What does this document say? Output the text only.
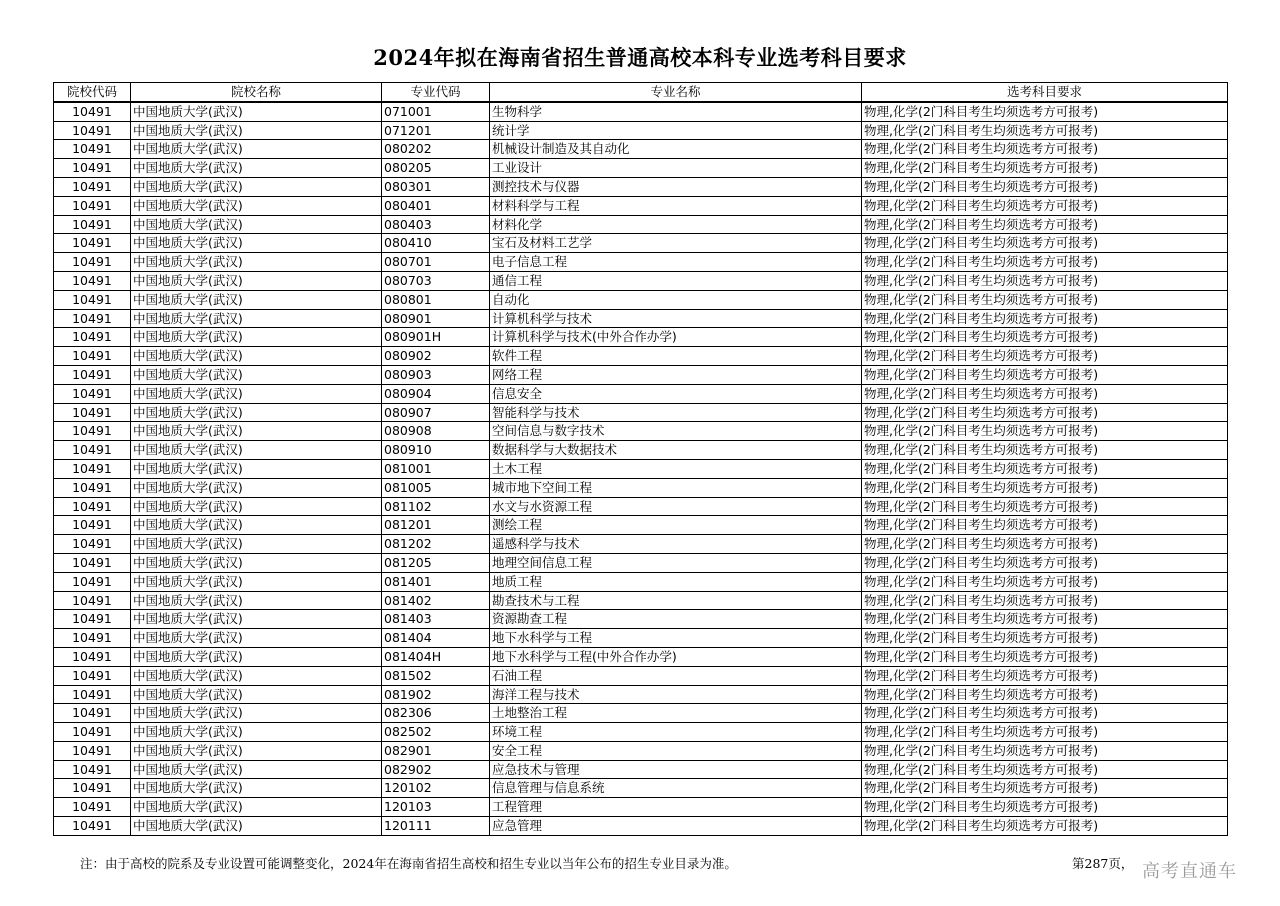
2024年拟在海南省招生普通高校本科专业选考科目要求
院校代码	院校名称	专业代码	专业名称	选考科目要求
10491	中国地质大学(武汉)	071001	生物科学	物理,化学(2门科目考生均须选考方可报考)
10491	中国地质大学(武汉)	071201	统计学	物理,化学(2门科目考生均须选考方可报考)
10491	中国地质大学(武汉)	080202	机械设计制造及其自动化	物理,化学(2门科目考生均须选考方可报考)
10491	中国地质大学(武汉)	080205	工业设计	物理,化学(2门科目考生均须选考方可报考)
10491	中国地质大学(武汉)	080301	测控技术与仪器	物理,化学(2门科目考生均须选考方可报考)
10491	中国地质大学(武汉)	080401	材料科学与工程	物理,化学(2门科目考生均须选考方可报考)
10491	中国地质大学(武汉)	080403	材料化学	物理,化学(2门科目考生均须选考方可报考)
10491	中国地质大学(武汉)	080410	宝石及材料工艺学	物理,化学(2门科目考生均须选考方可报考)
10491	中国地质大学(武汉)	080701	电子信息工程	物理,化学(2门科目考生均须选考方可报考)
10491	中国地质大学(武汉)	080703	通信工程	物理,化学(2门科目考生均须选考方可报考)
10491	中国地质大学(武汉)	080801	自动化	物理,化学(2门科目考生均须选考方可报考)
10491	中国地质大学(武汉)	080901	计算机科学与技术	物理,化学(2门科目考生均须选考方可报考)
10491	中国地质大学(武汉)	080901H	计算机科学与技术(中外合作办学)	物理,化学(2门科目考生均须选考方可报考)
10491	中国地质大学(武汉)	080902	软件工程	物理,化学(2门科目考生均须选考方可报考)
10491	中国地质大学(武汉)	080903	网络工程	物理,化学(2门科目考生均须选考方可报考)
10491	中国地质大学(武汉)	080904	信息安全	物理,化学(2门科目考生均须选考方可报考)
10491	中国地质大学(武汉)	080907	智能科学与技术	物理,化学(2门科目考生均须选考方可报考)
10491	中国地质大学(武汉)	080908	空间信息与数字技术	物理,化学(2门科目考生均须选考方可报考)
10491	中国地质大学(武汉)	080910	数据科学与大数据技术	物理,化学(2门科目考生均须选考方可报考)
10491	中国地质大学(武汉)	081001	土木工程	物理,化学(2门科目考生均须选考方可报考)
10491	中国地质大学(武汉)	081005	城市地下空间工程	物理,化学(2门科目考生均须选考方可报考)
10491	中国地质大学(武汉)	081102	水文与水资源工程	物理,化学(2门科目考生均须选考方可报考)
10491	中国地质大学(武汉)	081201	测绘工程	物理,化学(2门科目考生均须选考方可报考)
10491	中国地质大学(武汉)	081202	遥感科学与技术	物理,化学(2门科目考生均须选考方可报考)
10491	中国地质大学(武汉)	081205	地理空间信息工程	物理,化学(2门科目考生均须选考方可报考)
10491	中国地质大学(武汉)	081401	地质工程	物理,化学(2门科目考生均须选考方可报考)
10491	中国地质大学(武汉)	081402	勘查技术与工程	物理,化学(2门科目考生均须选考方可报考)
10491	中国地质大学(武汉)	081403	资源勘查工程	物理,化学(2门科目考生均须选考方可报考)
10491	中国地质大学(武汉)	081404	地下水科学与工程	物理,化学(2门科目考生均须选考方可报考)
10491	中国地质大学(武汉)	081404H	地下水科学与工程(中外合作办学)	物理,化学(2门科目考生均须选考方可报考)
10491	中国地质大学(武汉)	081502	石油工程	物理,化学(2门科目考生均须选考方可报考)
10491	中国地质大学(武汉)	081902	海洋工程与技术	物理,化学(2门科目考生均须选考方可报考)
10491	中国地质大学(武汉)	082306	土地整治工程	物理,化学(2门科目考生均须选考方可报考)
10491	中国地质大学(武汉)	082502	环境工程	物理,化学(2门科目考生均须选考方可报考)
10491	中国地质大学(武汉)	082901	安全工程	物理,化学(2门科目考生均须选考方可报考)
10491	中国地质大学(武汉)	082902	应急技术与管理	物理,化学(2门科目考生均须选考方可报考)
10491	中国地质大学(武汉)	120102	信息管理与信息系统	物理,化学(2门科目考生均须选考方可报考)
10491	中国地质大学(武汉)	120103	工程管理	物理,化学(2门科目考生均须选考方可报考)
10491	中国地质大学(武汉)	120111	应急管理	物理,化学(2门科目考生均须选考方可报考)
注：由于高校的院系及专业设置可能调整变化，2024年在海南省招生高校和招生专业以当年公布的招生专业目录为准。	第287页， 高考直通车
